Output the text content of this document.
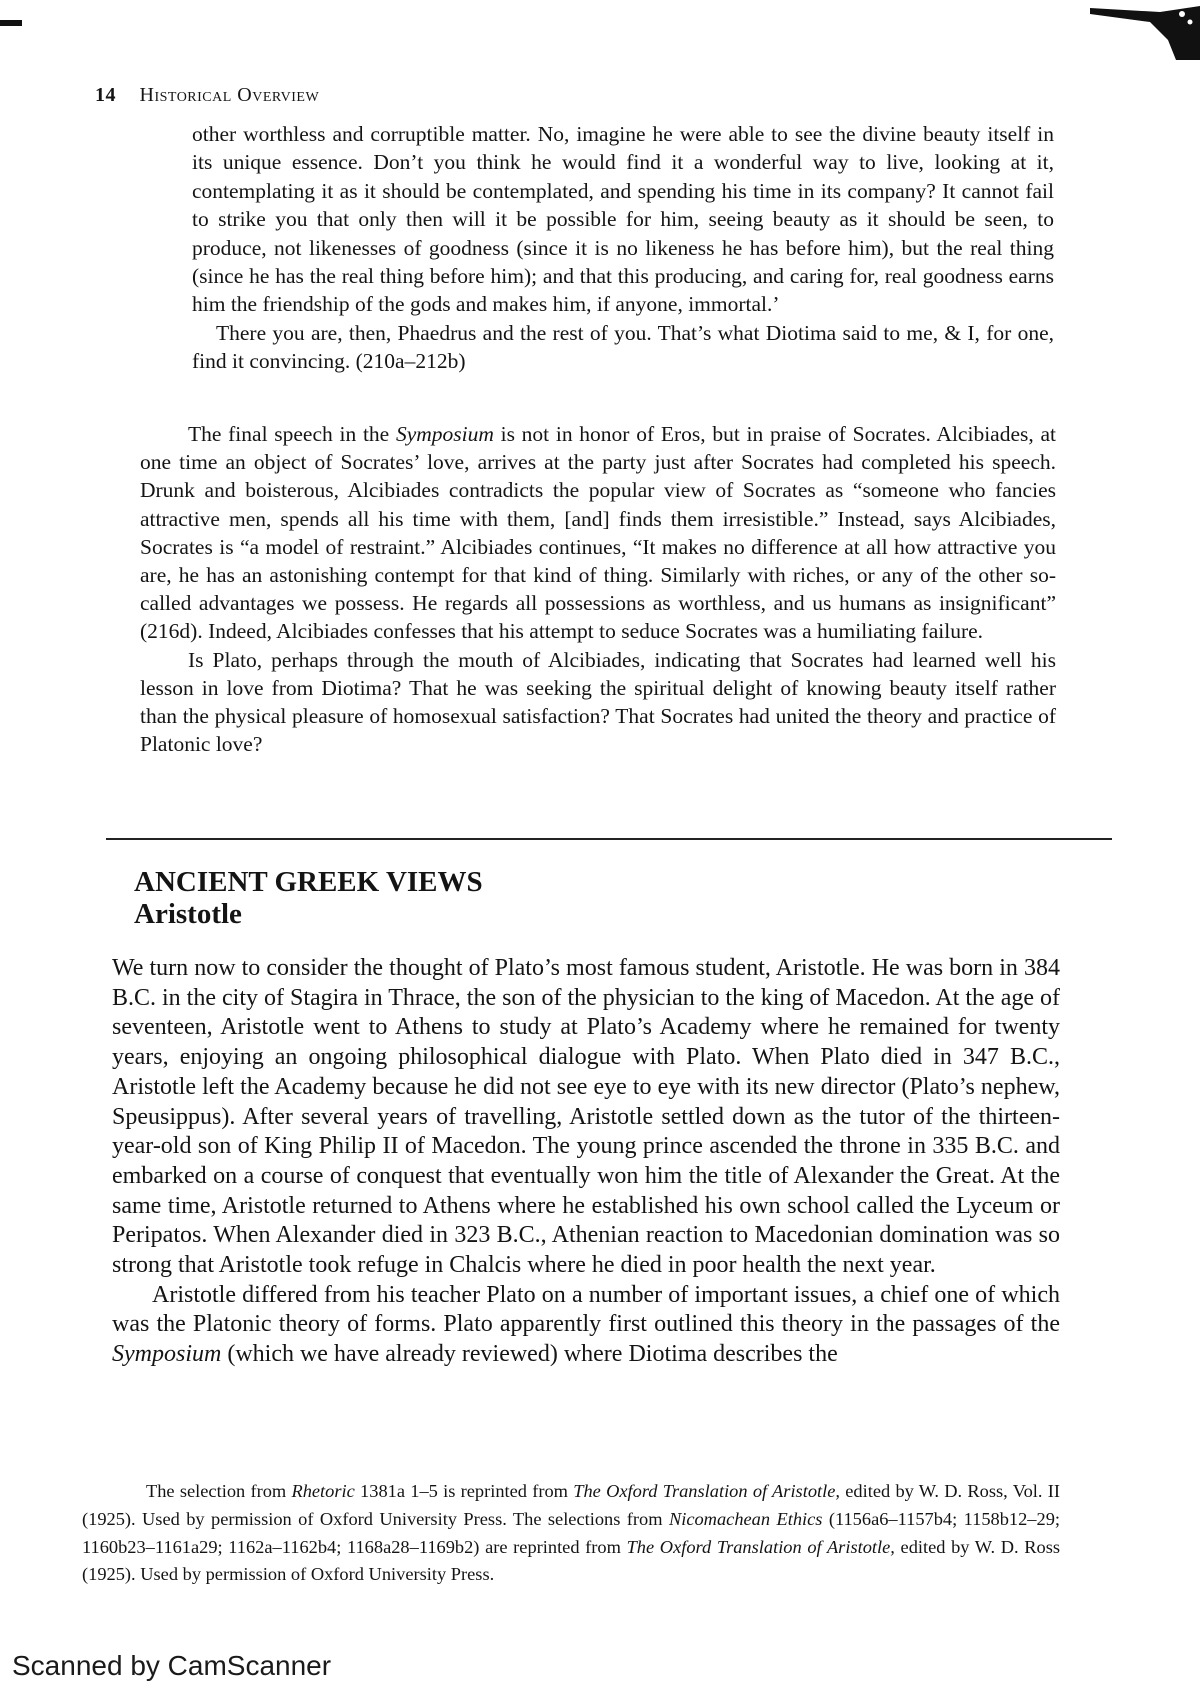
14 Historical Overview

other worthless and corruptible matter. No, imagine he were able to see the divine beauty itself in its unique essence. Don’t you think he would find it a wonderful way to live, looking at it, contemplating it as it should be contemplated, and spending his time in its company? It cannot fail to strike you that only then will it be possible for him, seeing beauty as it should be seen, to produce, not likenesses of goodness (since it is no likeness he has before him), but the real thing (since he has the real thing before him); and that this producing, and caring for, real goodness earns him the friendship of the gods and makes him, if anyone, immortal.’

There you are, then, Phaedrus and the rest of you. That’s what Diotima said to me, & I, for one, find it convincing. (210a–212b)

The final speech in the Symposium is not in honor of Eros, but in praise of Socrates. Alcibiades, at one time an object of Socrates’ love, arrives at the party just after Socrates had completed his speech. Drunk and boisterous, Alcibiades contradicts the popular view of Socrates as “someone who fancies attractive men, spends all his time with them, [and] finds them irresistible.” Instead, says Alcibiades, Socrates is “a model of restraint.” Alcibiades continues, “It makes no difference at all how attractive you are, he has an astonishing contempt for that kind of thing. Similarly with riches, or any of the other so-called advantages we possess. He regards all possessions as worthless, and us humans as insignificant” (216d). Indeed, Alcibiades confesses that his attempt to seduce Socrates was a humiliating failure.

Is Plato, perhaps through the mouth of Alcibiades, indicating that Socrates had learned well his lesson in love from Diotima? That he was seeking the spiritual delight of knowing beauty itself rather than the physical pleasure of homosexual satisfaction? That Socrates had united the theory and practice of Platonic love?

ANCIENT GREEK VIEWS
Aristotle

We turn now to consider the thought of Plato’s most famous student, Aristotle. He was born in 384 B.C. in the city of Stagira in Thrace, the son of the physician to the king of Macedon. At the age of seventeen, Aristotle went to Athens to study at Plato’s Academy where he remained for twenty years, enjoying an ongoing philosophical dialogue with Plato. When Plato died in 347 B.C., Aristotle left the Academy because he did not see eye to eye with its new director (Plato’s nephew, Speusippus). After several years of travelling, Aristotle settled down as the tutor of the thirteen-year-old son of King Philip II of Macedon. The young prince ascended the throne in 335 B.C. and embarked on a course of conquest that eventually won him the title of Alexander the Great. At the same time, Aristotle returned to Athens where he established his own school called the Lyceum or Peripatos. When Alexander died in 323 B.C., Athenian reaction to Macedonian domination was so strong that Aristotle took refuge in Chalcis where he died in poor health the next year.

Aristotle differed from his teacher Plato on a number of important issues, a chief one of which was the Platonic theory of forms. Plato apparently first outlined this theory in the passages of the Symposium (which we have already reviewed) where Diotima describes the

The selection from Rhetoric 1381a 1–5 is reprinted from The Oxford Translation of Aristotle, edited by W. D. Ross, Vol. II (1925). Used by permission of Oxford University Press. The selections from Nicomachean Ethics (1156a6–1157b4; 1158b12–29; 1160b23–1161a29; 1162a–1162b4; 1168a28–1169b2) are reprinted from The Oxford Translation of Aristotle, edited by W. D. Ross (1925). Used by permission of Oxford University Press.

Scanned by CamScanner
